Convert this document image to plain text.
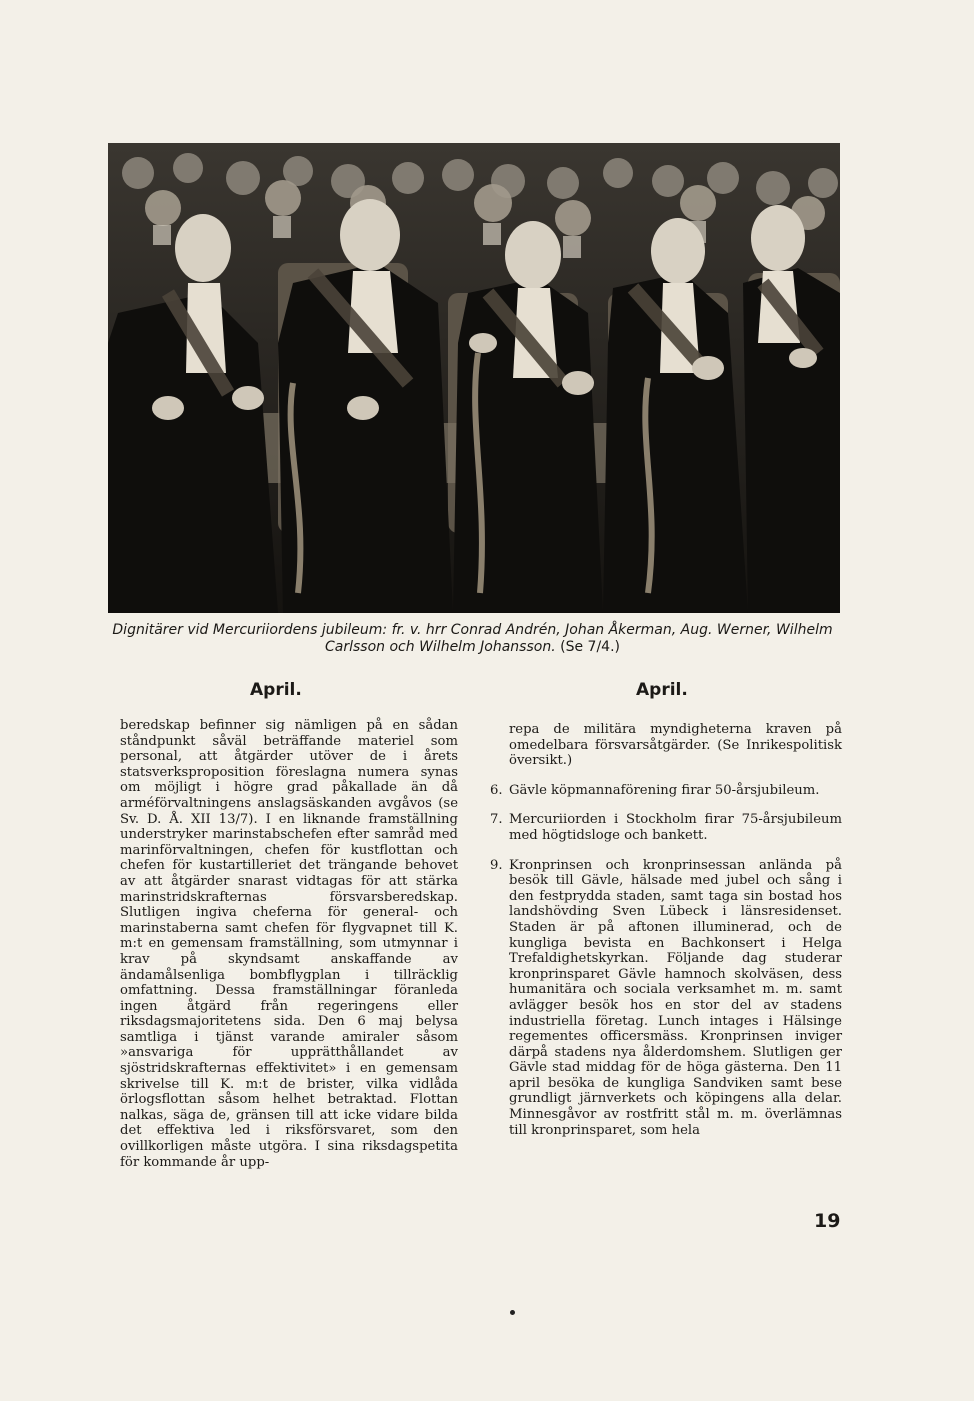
Dignitärer vid Mercuriiordens jubileum: fr. v. hrr Conrad Andrén, Johan Åkerman, Aug. Werner, Wilhelm Carlsson och Wilhelm Johansson. (Se 7/4.)
April.	April.

beredskap befinner sig nämligen på en sådan ståndpunkt såväl beträffande materiel som personal, att åtgärder utöver de i årets statsverksproposition föreslagna numera synas om möjligt i högre grad påkallade än då arméförvaltningens anslagsäskanden avgåvos (se Sv. D. Å. XII 13/7). I en liknande framställning understryker marinstabschefen efter samråd med marinförvaltningen, chefen för kustflottan och chefen för kustartilleriet det trängande behovet av att åtgärder snarast vidtagas för att stärka marinstridskrafternas försvarsberedskap. Slutligen ingiva cheferna för general- och marinstaberna samt chefen för flygvapnet till K. m:t en gemensam framställning, som utmynnar i krav på skyndsamt anskaffande av ändamålsenliga bombflygplan i tillräcklig omfattning. Dessa framställningar föranleda ingen åtgärd från regeringens eller riksdagsmajoritetens sida. Den 6 maj belysa samtliga i tjänst varande amiraler såsom »ansvariga för upprätthållandet av sjöstridskrafternas effektivitet» i en gemensam skrivelse till K. m:t de brister, vilka vidlåda örlogsflottan såsom helhet betraktad. Flottan nalkas, säga de, gränsen till att icke vidare bilda det effektiva led i riksförsvaret, som den ovillkorligen måste utgöra. I sina riksdagspetita för kommande år upp-

repa de militära myndigheterna kraven på omedelbara försvarsåtgärder. (Se Inrikespolitisk översikt.)
6. Gävle köpmannaförening firar 50-årsjubileum.
7. Mercuriiorden i Stockholm firar 75-årsjubileum med högtidsloge och bankett.
9. Kronprinsen och kronprinsessan anlända på besök till Gävle, hälsade med jubel och sång i den festprydda staden, samt taga sin bostad hos landshövding Sven Lübeck i länsresidenset. Staden är på aftonen illuminerad, och de kungliga bevista en Bachkonsert i Helga Trefaldighetskyrkan. Följande dag studerar kronprinsparet Gävle hamnoch skolväsen, dess humanitära och sociala verksamhet m. m. samt avlägger besök hos en stor del av stadens industriella företag. Lunch intages i Hälsinge regementes officersmäss. Kronprinsen inviger därpå stadens nya ålderdomshem. Slutligen ger Gävle stad middag för de höga gästerna. Den 11 april besöka de kungliga Sandviken samt bese grundligt järnverkets och köpingens alla delar. Minnesgåvor av rostfritt stål m. m. överlämnas till kronprinsparet, som hela
19
